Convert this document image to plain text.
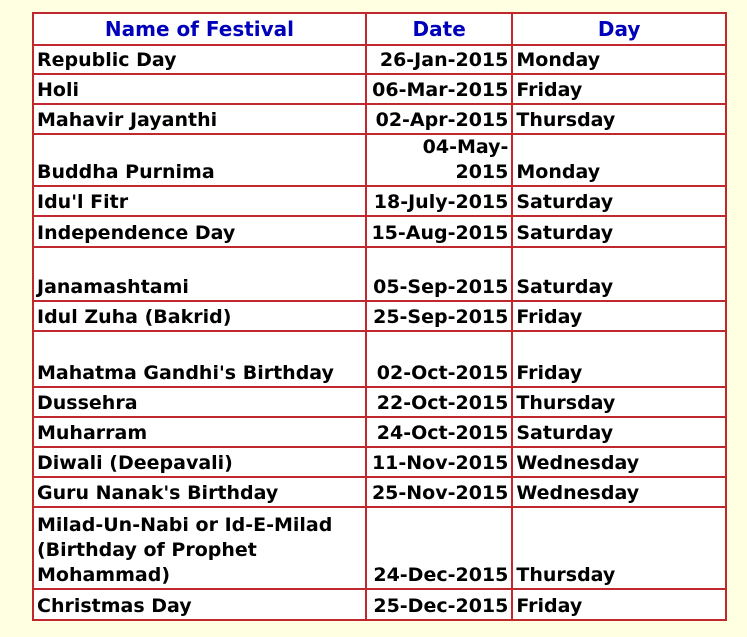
Name of Festival	Date	Day
Republic Day	26-Jan-2015	Monday
Holi	06-Mar-2015	Friday
Mahavir Jayanthi	02-Apr-2015	Thursday
Buddha Purnima	04-May-2015	Monday
Idu'l Fitr	18-July-2015	Saturday
Independence Day	15-Aug-2015	Saturday
Janamashtami	05-Sep-2015	Saturday
Idul Zuha (Bakrid)	25-Sep-2015	Friday
Mahatma Gandhi's Birthday	02-Oct-2015	Friday
Dussehra	22-Oct-2015	Thursday
Muharram	24-Oct-2015	Saturday
Diwali (Deepavali)	11-Nov-2015	Wednesday
Guru Nanak's Birthday	25-Nov-2015	Wednesday
Milad-Un-Nabi or Id-E-Milad (Birthday of Prophet Mohammad)	24-Dec-2015	Thursday
Christmas Day	25-Dec-2015	Friday
